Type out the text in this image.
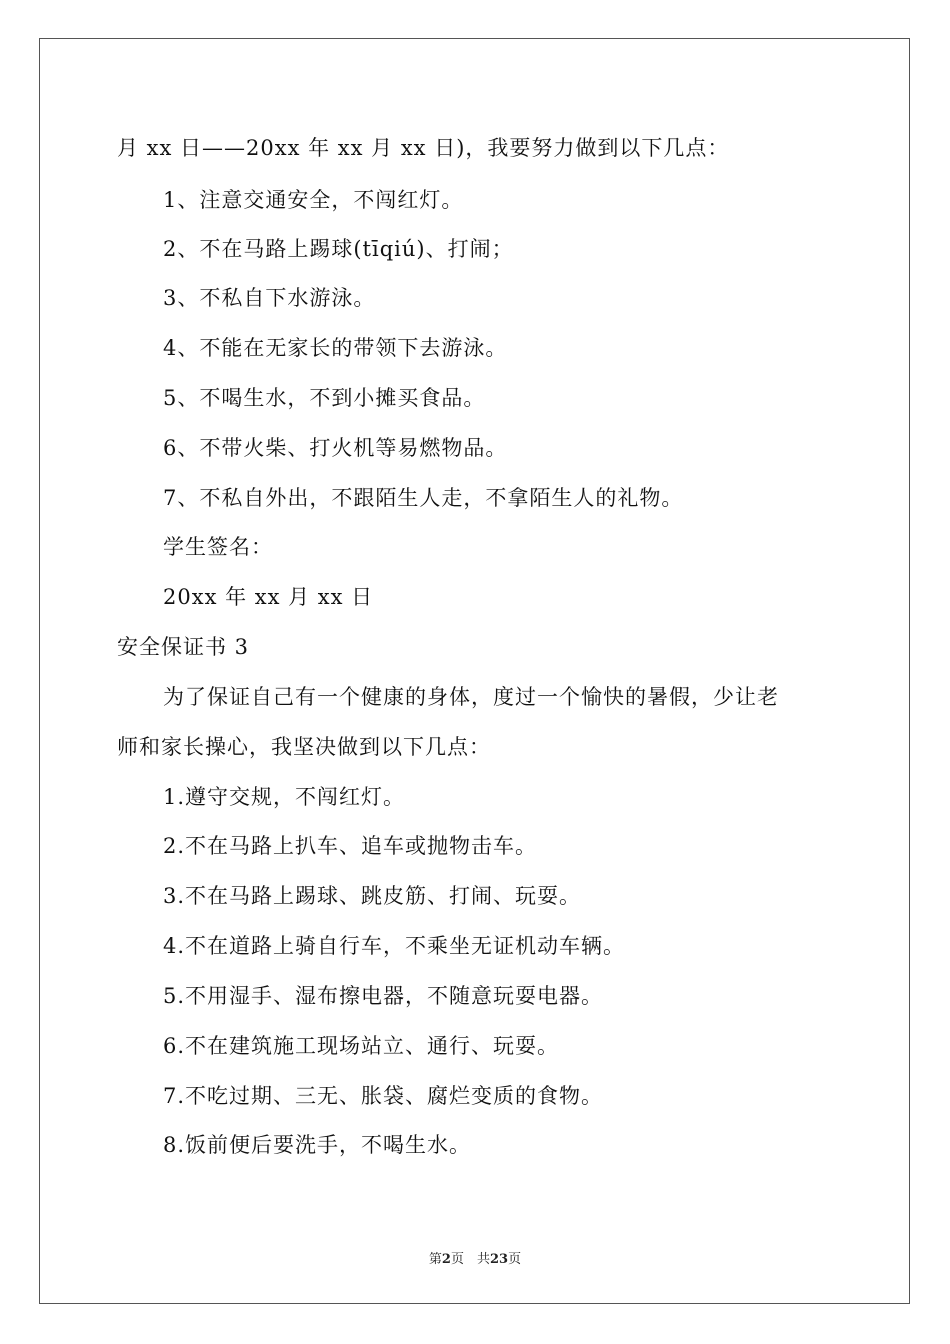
月 xx 日——20xx 年 xx 月 xx 日)，我要努力做到以下几点：
1、注意交通安全，不闯红灯。
2、不在马路上踢球(tīqiú)、打闹；
3、不私自下水游泳。
4、不能在无家长的带领下去游泳。
5、不喝生水，不到小摊买食品。
6、不带火柴、打火机等易燃物品。
7、不私自外出，不跟陌生人走，不拿陌生人的礼物。
学生签名：
20xx 年 xx 月 xx 日
安全保证书 3
为了保证自己有一个健康的身体，度过一个愉快的暑假，少让老
师和家长操心，我坚决做到以下几点：
1.遵守交规，不闯红灯。
2.不在马路上扒车、追车或抛物击车。
3.不在马路上踢球、跳皮筋、打闹、玩耍。
4.不在道路上骑自行车，不乘坐无证机动车辆。
5.不用湿手、湿布擦电器，不随意玩耍电器。
6.不在建筑施工现场站立、通行、玩耍。
7.不吃过期、三无、胀袋、腐烂变质的食物。
8.饭前便后要洗手，不喝生水。
第2页　共23页
